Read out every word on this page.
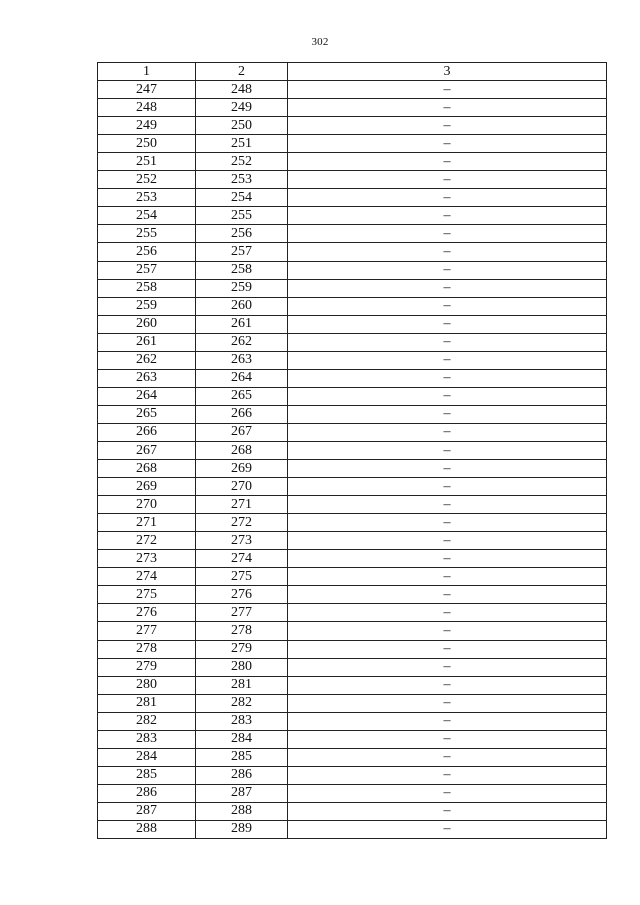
302
1	2	3
247	248	–
248	249	–
249	250	–
250	251	–
251	252	–
252	253	–
253	254	–
254	255	–
255	256	–
256	257	–
257	258	–
258	259	–
259	260	–
260	261	–
261	262	–
262	263	–
263	264	–
264	265	–
265	266	–
266	267	–
267	268	–
268	269	–
269	270	–
270	271	–
271	272	–
272	273	–
273	274	–
274	275	–
275	276	–
276	277	–
277	278	–
278	279	–
279	280	–
280	281	–
281	282	–
282	283	–
283	284	–
284	285	–
285	286	–
286	287	–
287	288	–
288	289	–
